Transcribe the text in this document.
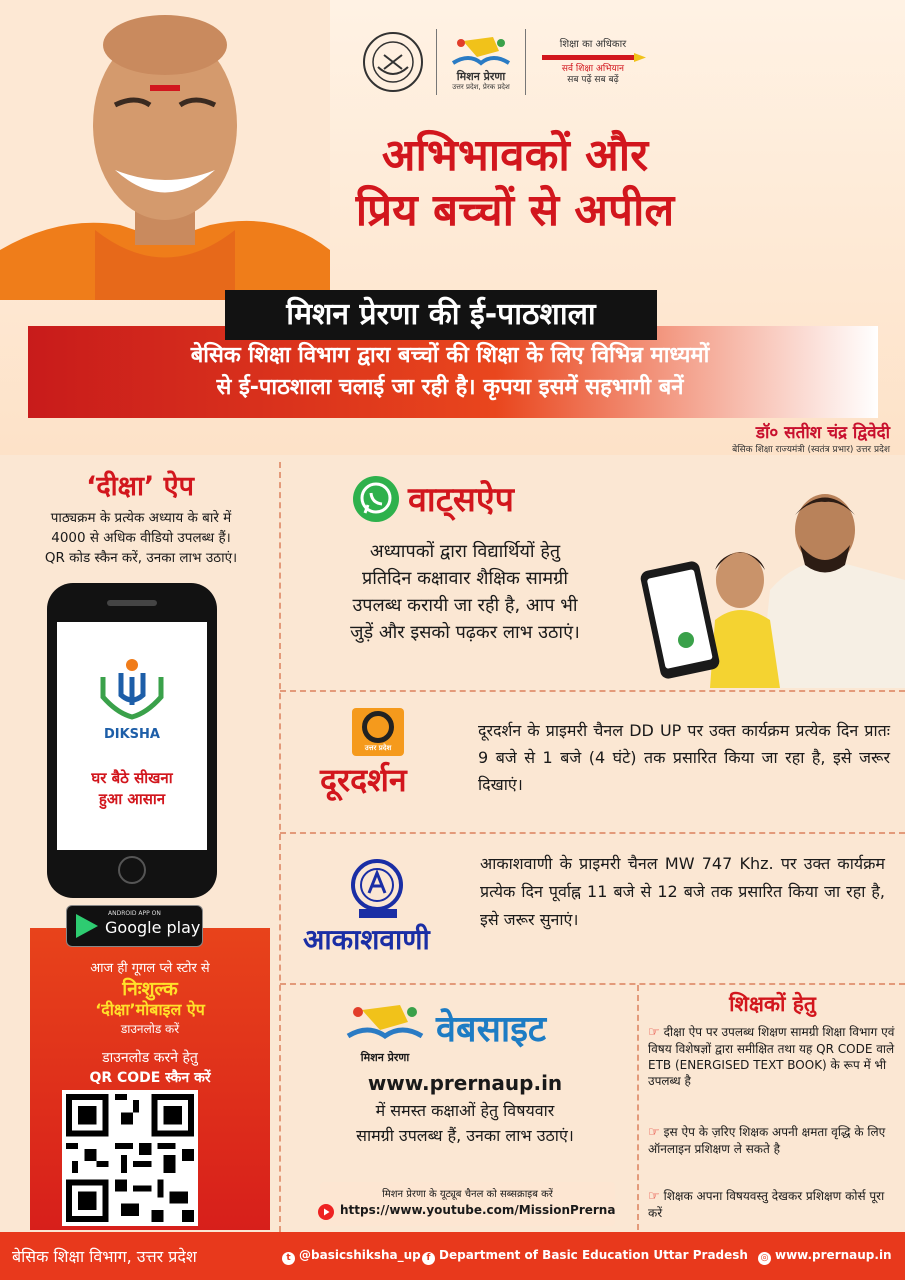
मिशन प्रेरणा
उत्तर प्रदेश, प्रेरक प्रदेश
शिक्षा का अधिकार
सर्व शिक्षा अभियान
सब पढ़ें सब बढ़ें
अभिभावकों और
प्रिय बच्चों से अपील
मिशन प्रेरणा की ई-पाठशाला
बेसिक शिक्षा विभाग द्वारा बच्चों की शिक्षा के लिए विभिन्न माध्यमों
से ई-पाठशाला चलाई जा रही है। कृपया इसमें सहभागी बनें
डॉ० सतीश चंद्र द्विवेदी
बेसिक शिक्षा राज्यमंत्री (स्वतंत्र प्रभार) उत्तर प्रदेश
‘दीक्षा’ ऐप
पाठ्यक्रम के प्रत्येक अध्याय के बारे में
4000 से अधिक वीडियो उपलब्ध हैं।
QR कोड स्कैन करें, उनका लाभ उठाएं।
DIKSHA
घर बैठे सीखना
हुआ आसान
ANDROID APP ON
Google play
आज ही गूगल प्ले स्टोर से
निःशुल्क
‘दीक्षा’मोबाइल ऐप
डाउनलोड करें
डाउनलोड करने हेतु
QR CODE स्कैन करें
वाट्सऐप
अध्यापकों द्वारा विद्यार्थियों हेतु
प्रतिदिन कक्षावार शैक्षिक सामग्री
उपलब्ध करायी जा रही है, आप भी
जुड़ें और इसको पढ़कर लाभ उठाएं।
उत्तर प्रदेश
दूरदर्शन
दूरदर्शन के प्राइमरी चैनल DD UP पर उक्त कार्यक्रम प्रत्येक दिन प्रातः 9 बजे से 1 बजे (4 घंटे) तक प्रसारित किया जा रहा है, इसे जरूर दिखाएं।
आकाशवाणी
आकाशवाणी के प्राइमरी चैनल MW 747 Khz. पर उक्त कार्यक्रम प्रत्येक दिन पूर्वाह्न 11 बजे से 12 बजे तक प्रसारित किया जा रहा है, इसे जरूर सुनाएं।
मिशन प्रेरणा
वेबसाइट
www.prernaup.in
में समस्त कक्षाओं हेतु विषयवार
सामग्री उपलब्ध हैं, उनका लाभ उठाएं।
मिशन प्रेरणा के यूट्यूब चैनल को सब्सक्राइब करें
https://www.youtube.com/MissionPrerna
शिक्षकों हेतु
☞ दीक्षा ऐप पर उपलब्ध शिक्षण सामग्री शिक्षा विभाग एवं विषय विशेषज्ञों द्वारा समीक्षित तथा यह QR CODE वाले ETB (ENERGISED TEXT BOOK) के रूप में भी उपलब्ध है
☞ इस ऐप के ज़रिए शिक्षक अपनी क्षमता वृद्धि के लिए ऑनलाइन प्रशिक्षण ले सकते है
☞ शिक्षक अपना विषयवस्तु देखकर प्रशिक्षण कोर्स पूरा करें
बेसिक शिक्षा विभाग, उत्तर प्रदेश	t @basicshiksha_up f Department of Basic Education Uttar Pradesh ◎ www.prernaup.in
